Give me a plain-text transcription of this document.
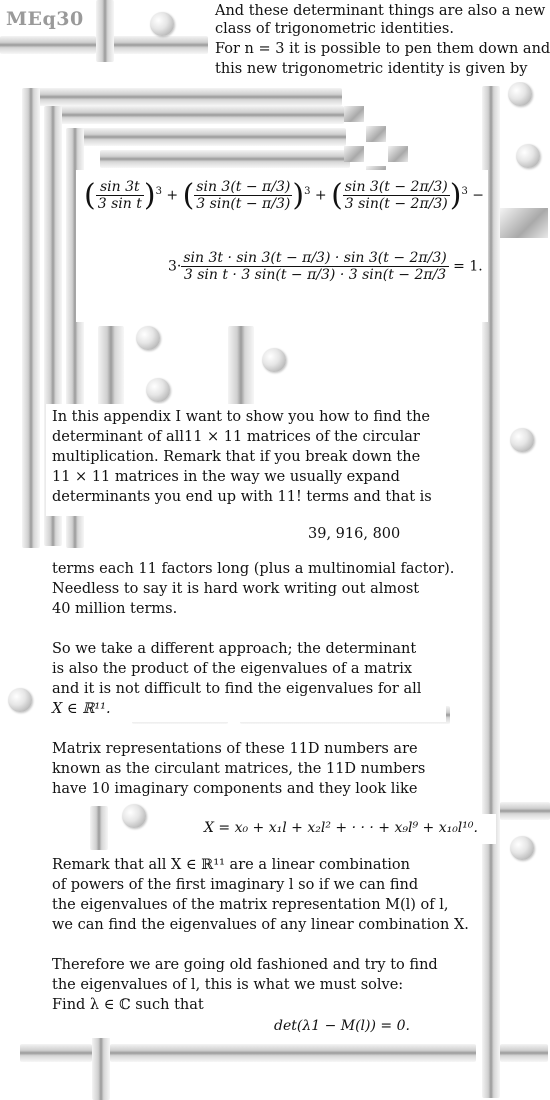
MEq30	And these determinant things are also a new
class of trigonometric identities.
For n = 3 it is possible to pen them down and
this new trigonometric identity is given by
( $\frac{\sin 3t}{\text{3 sin t}} )^3$ + ( $\frac{\sin 3(t - \pi/3)}{3 \sin(t - \pi/3)} )^3$ + ( $\frac{\sin 3(t - 2\pi/3)}{3 \sin(t - 2\pi/3)} )^3$ −
$3\cdot \frac{\sin 3t \cdot \sin 3(t - \pi/3) \cdot \sin 3(t - 2\pi/3)}{\text{3 sin t · 3 sin(t − π/3) · 3 sin(t − 2π/3}} = 1$.
In this appendix I want to show you how to find the
determinant of all11 × 11 matrices of the circular
multiplication. Remark that if you break down the
11 × 11 matrices in the way we usually expand
determinants you end up with 11! terms and that is
39, 916, 800
terms each 11 factors long (plus a multinomial factor).
Needless to say it is hard work writing out almost
40 million terms.
So we take a different approach; the determinant
is also the product of the eigenvalues of a matrix
and it is not difficult to find the eigenvalues for all
X ∈ ℝ¹¹.
Matrix representations of these 11D numbers are
known as the circulant matrices, the 11D numbers
have 10 imaginary components and they look like
X = x₀ + x₁l + x₂l² + · · · + x₉l⁹ + x₁₀l¹⁰.
Remark that all X ∈ ℝ¹¹ are a linear combination
of powers of the first imaginary l so if we can find
the eigenvalues of the matrix representation M(l) of l,
we can find the eigenvalues of any linear combination X.
Therefore we are going old fashioned and try to find
the eigenvalues of l, this is what we must solve:
Find λ ∈ ℂ such that
det(λ1 − M(l)) = 0.
